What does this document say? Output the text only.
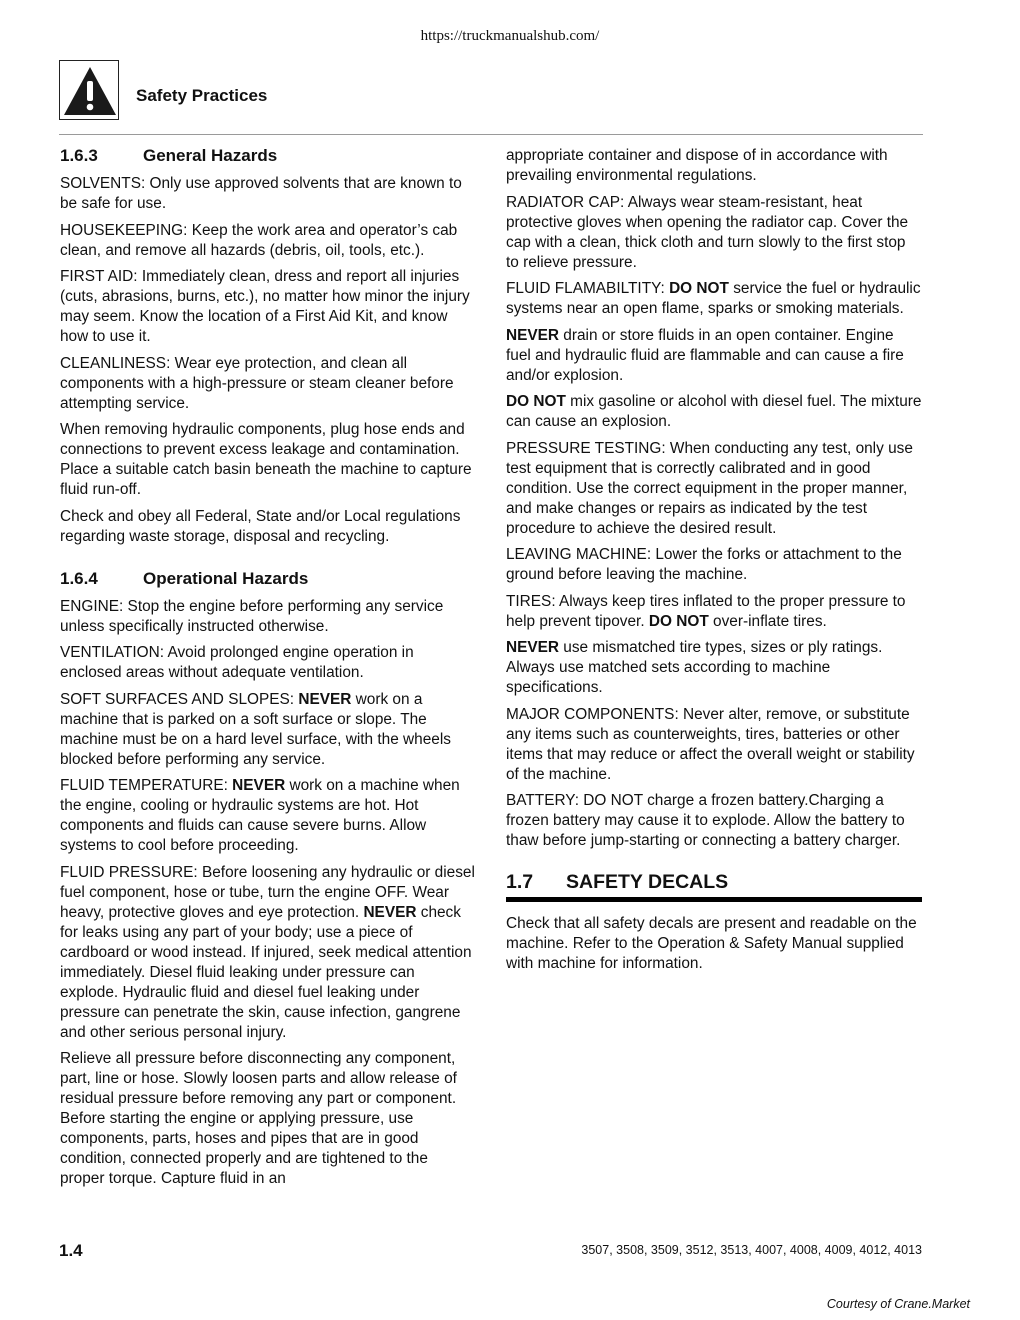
https://truckmanualshub.com/
Safety Practices
1.6.3	General Hazards

SOLVENTS: Only use approved solvents that are known to be safe for use.

HOUSEKEEPING: Keep the work area and operator’s cab clean, and remove all hazards (debris, oil, tools, etc.).

FIRST AID: Immediately clean, dress and report all injuries (cuts, abrasions, burns, etc.), no matter how minor the injury may seem. Know the location of a First Aid Kit, and know how to use it.

CLEANLINESS: Wear eye protection, and clean all components with a high-pressure or steam cleaner before attempting service.

When removing hydraulic components, plug hose ends and connections to prevent excess leakage and contamination. Place a suitable catch basin beneath the machine to capture fluid run-off.

Check and obey all Federal, State and/or Local regulations regarding waste storage, disposal and recycling.

1.6.4	Operational Hazards

ENGINE: Stop the engine before performing any service unless specifically instructed otherwise.

VENTILATION: Avoid prolonged engine operation in enclosed areas without adequate ventilation.

SOFT SURFACES AND SLOPES: NEVER work on a machine that is parked on a soft surface or slope. The machine must be on a hard level surface, with the wheels blocked before performing any service.

FLUID TEMPERATURE: NEVER work on a machine when the engine, cooling or hydraulic systems are hot. Hot components and fluids can cause severe burns. Allow systems to cool before proceeding.

FLUID PRESSURE: Before loosening any hydraulic or diesel fuel component, hose or tube, turn the engine OFF. Wear heavy, protective gloves and eye protection. NEVER check for leaks using any part of your body; use a piece of cardboard or wood instead. If injured, seek medical attention immediately. Diesel fluid leaking under pressure can explode. Hydraulic fluid and diesel fuel leaking under pressure can penetrate the skin, cause infection, gangrene and other serious personal injury.

Relieve all pressure before disconnecting any component, part, line or hose. Slowly loosen parts and allow release of residual pressure before removing any part or component. Before starting the engine or applying pressure, use components, parts, hoses and pipes that are in good condition, connected properly and are tightened to the proper torque. Capture fluid in an

appropriate container and dispose of in accordance with prevailing environmental regulations.

RADIATOR CAP: Always wear steam-resistant, heat protective gloves when opening the radiator cap. Cover the cap with a clean, thick cloth and turn slowly to the first stop to relieve pressure.

FLUID FLAMABILTITY: DO NOT service the fuel or hydraulic systems near an open flame, sparks or smoking materials.

NEVER drain or store fluids in an open container. Engine fuel and hydraulic fluid are flammable and can cause a fire and/or explosion.

DO NOT mix gasoline or alcohol with diesel fuel. The mixture can cause an explosion.

PRESSURE TESTING: When conducting any test, only use test equipment that is correctly calibrated and in good condition. Use the correct equipment in the proper manner, and make changes or repairs as indicated by the test procedure to achieve the desired result.

LEAVING MACHINE: Lower the forks or attachment to the ground before leaving the machine.

TIRES: Always keep tires inflated to the proper pressure to help prevent tipover. DO NOT over-inflate tires.

NEVER use mismatched tire types, sizes or ply ratings. Always use matched sets according to machine specifications.

MAJOR COMPONENTS: Never alter, remove, or substitute any items such as counterweights, tires, batteries or other items that may reduce or affect the overall weight or stability of the machine.

BATTERY: DO NOT charge a frozen battery.Charging a frozen battery may cause it to explode. Allow the battery to thaw before jump-starting or connecting a battery charger.

1.7 SAFETY DECALS

Check that all safety decals are present and readable on the machine. Refer to the Operation & Safety Manual supplied with machine for information.

1.4	3507, 3508, 3509, 3512, 3513, 4007, 4008, 4009, 4012, 4013
Courtesy of Crane.Market
